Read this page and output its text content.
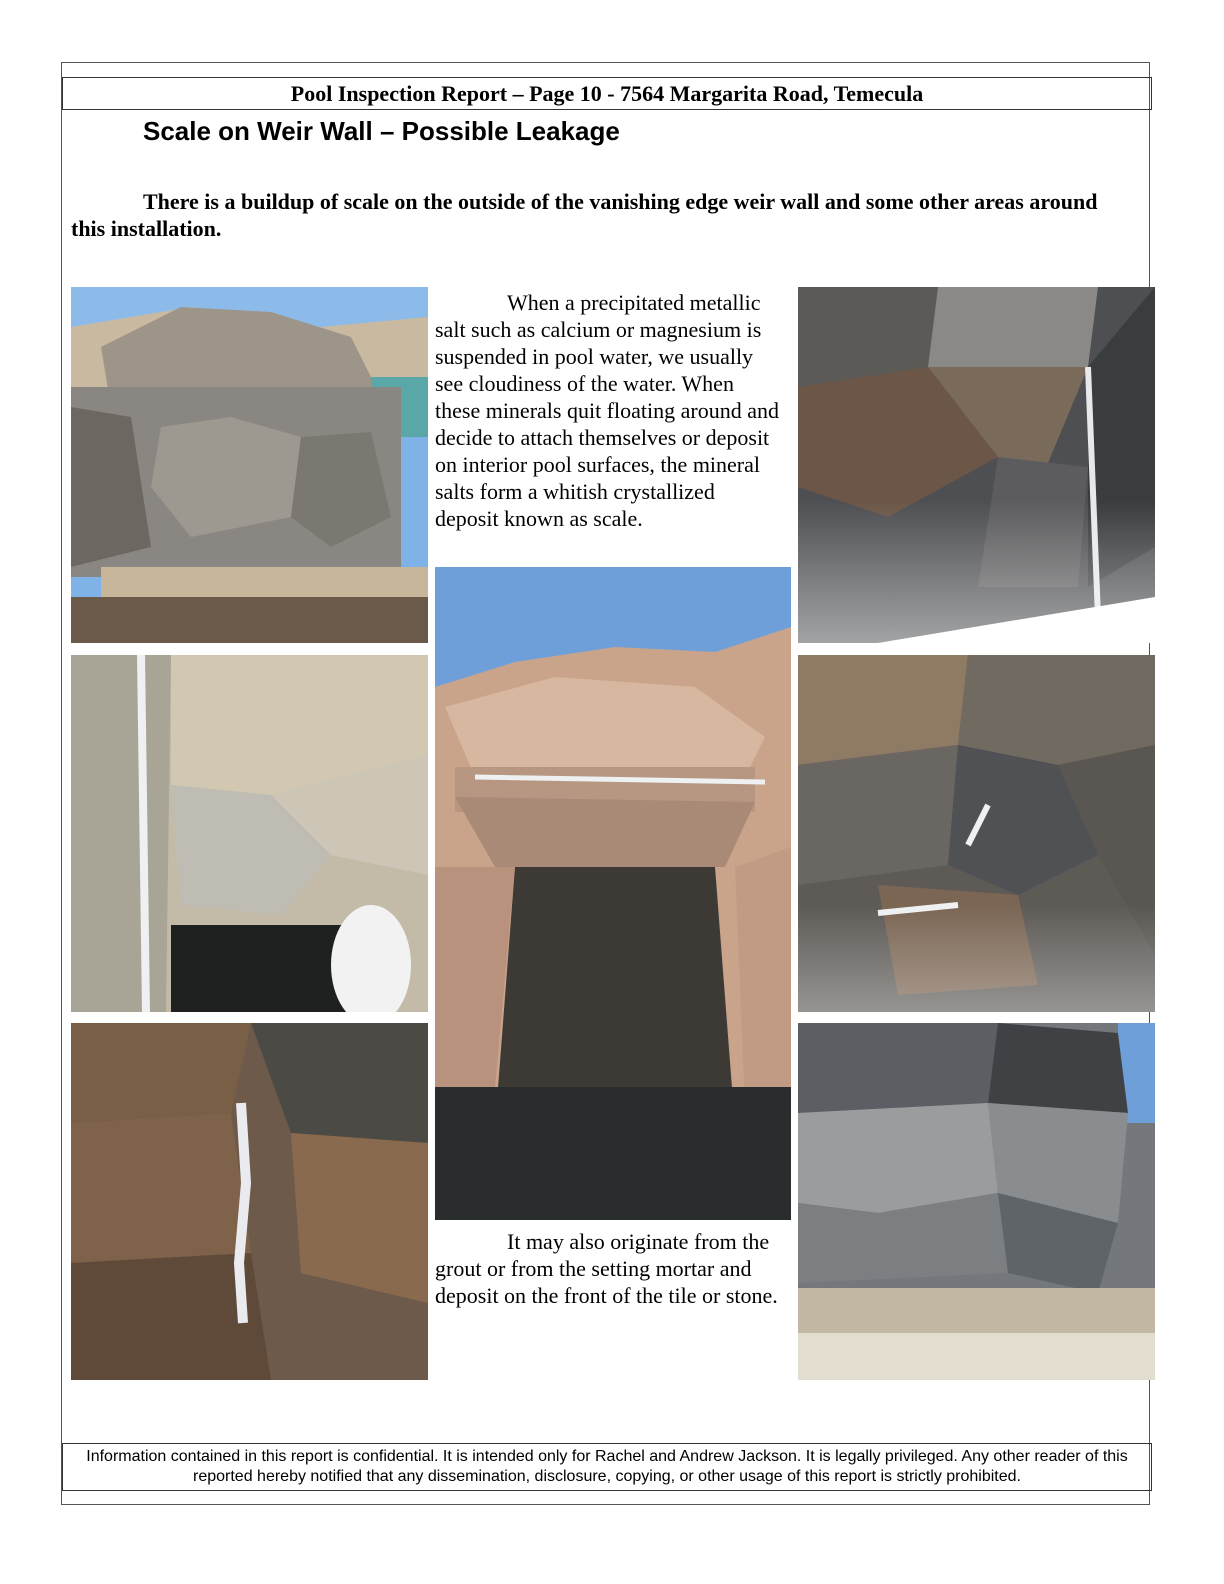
Pool Inspection Report – Page 10 - 7564 Margarita Road, Temecula
Scale on Weir Wall – Possible Leakage
There is a buildup of scale on the outside of the vanishing edge weir wall and some other areas around this installation.

When a precipitated metallic salt such as calcium or magnesium is suspended in pool water, we usually see cloudiness of the water. When these minerals quit floating around and decide to attach themselves or deposit on interior pool surfaces, the mineral salts form a whitish crystallized deposit known as scale.

It may also originate from the grout or from the setting mortar and deposit on the front of the tile or stone.

Information contained in this report is confidential. It is intended only for Rachel and Andrew Jackson. It is legally privileged. Any other reader of this reported hereby notified that any dissemination, disclosure, copying, or other usage of this report is strictly prohibited.
